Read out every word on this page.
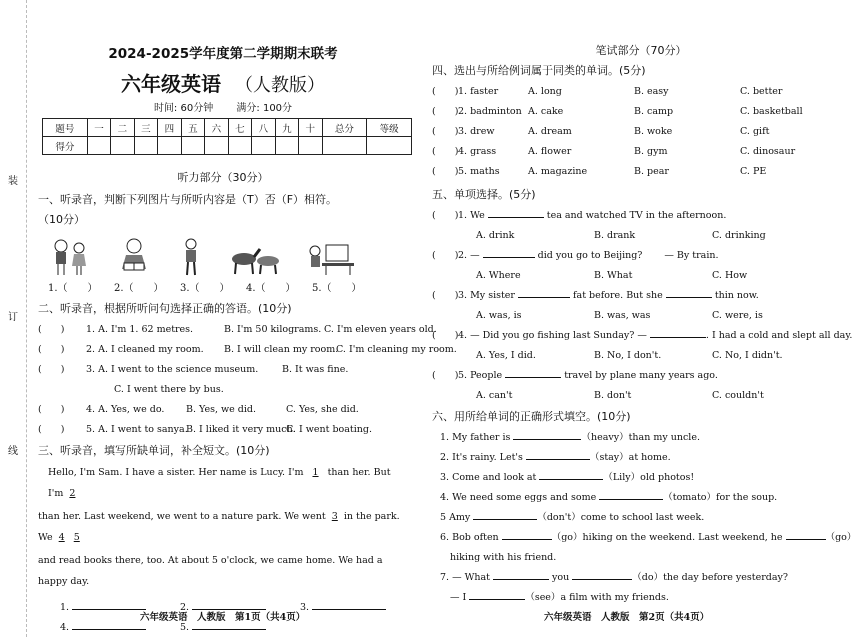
装
订
线
2024-2025学年度第二学期期末联考
六年级英语 （人教版）
时间: 60分钟 满分: 100分
题号	一	二	三	四	五	六	七	八	九	十	总分	等级
得分												
听力部分（30分）
一、听录音，判断下列图片与所听内容是（T）否（F）相符。
（10分）
1.（　　）	2.（　　）	3.（　　）	4.（　　）	5.（　　）
二、听录音，根据所听问句选择正确的答语。(10分)
(　　) 1. A. I'm 1. 62 metres.	B. I'm 50 kilograms. C. I'm eleven years old.
(　　) 2. A. I cleaned my room. B. I will clean my room.C. I'm cleaning my room.
(　　) 3. A. I went to the science museum. B. It was fine.
C. I went there by bus.
(　　) 4. A. Yes, we do. B. Yes, we did.	C. Yes, she did.
(　　) 5. A. I went to sanya.B. I liked it very much.C. I went boating.
三、听录音，填写所缺单词，补全短文。(10分)
Hello, I'm Sam. I have a sister. Her name is Lucy. I'm 1 than her. But I'm 2
than her. Last weekend, we went to a nature park. We went 3 in the park. We 4 5
and read books there, too. At about 5 o'clock, we came home. We had a happy day.
1.	2.	3.
4.	5.
六年级英语　人教版　第1页（共4页）
笔试部分（70分）
四、选出与所给例词属于同类的单词。(5分)
(　　)1. faster	A. long	B. easy	C. better
(　　)2. badminton A. cake	B. camp	C. basketball
(　　)3. drew	A. dream	B. woke	C. gift
(　　)4. grass	A. flower	B. gym	C. dinosaur
(　　)5. maths	A. magazine	B. pear	C. PE
五、单项选择。(5分)
(　　)1. We	tea and watched TV in the afternoon.
A. drink	B. drank	C. drinking
(　　)2. —	did you go to Beijing? — By train.
A. Where	B. What	C. How
(　　)3. My sister	fat before. But she	thin now.
A. was, is	B. was, was	C. were, is
(　　)4. — Did you go fishing last Sunday? —	. I had a cold and slept all day.
A. Yes, I did.	B. No, I don't.	C. No, I didn't.
(　　)5. People	travel by plane many years ago.
A. can't	B. don't	C. couldn't
六、用所给单词的正确形式填空。(10分)
1. My father is	（heavy）than my uncle.
2. It's rainy. Let's	（stay）at home.
3. Come and look at	（Lily）old photos!
4. We need some eggs and some	（tomato）for the soup.
5 Amy	（don't）come to school last week.
6. Bob often	（go）hiking on the weekend. Last weekend, he	（go）
hiking with his friend.
7. — What	you	（do）the day before yesterday?
— I	（see）a film with my friends.
六年级英语　人教版　第2页（共4页）
